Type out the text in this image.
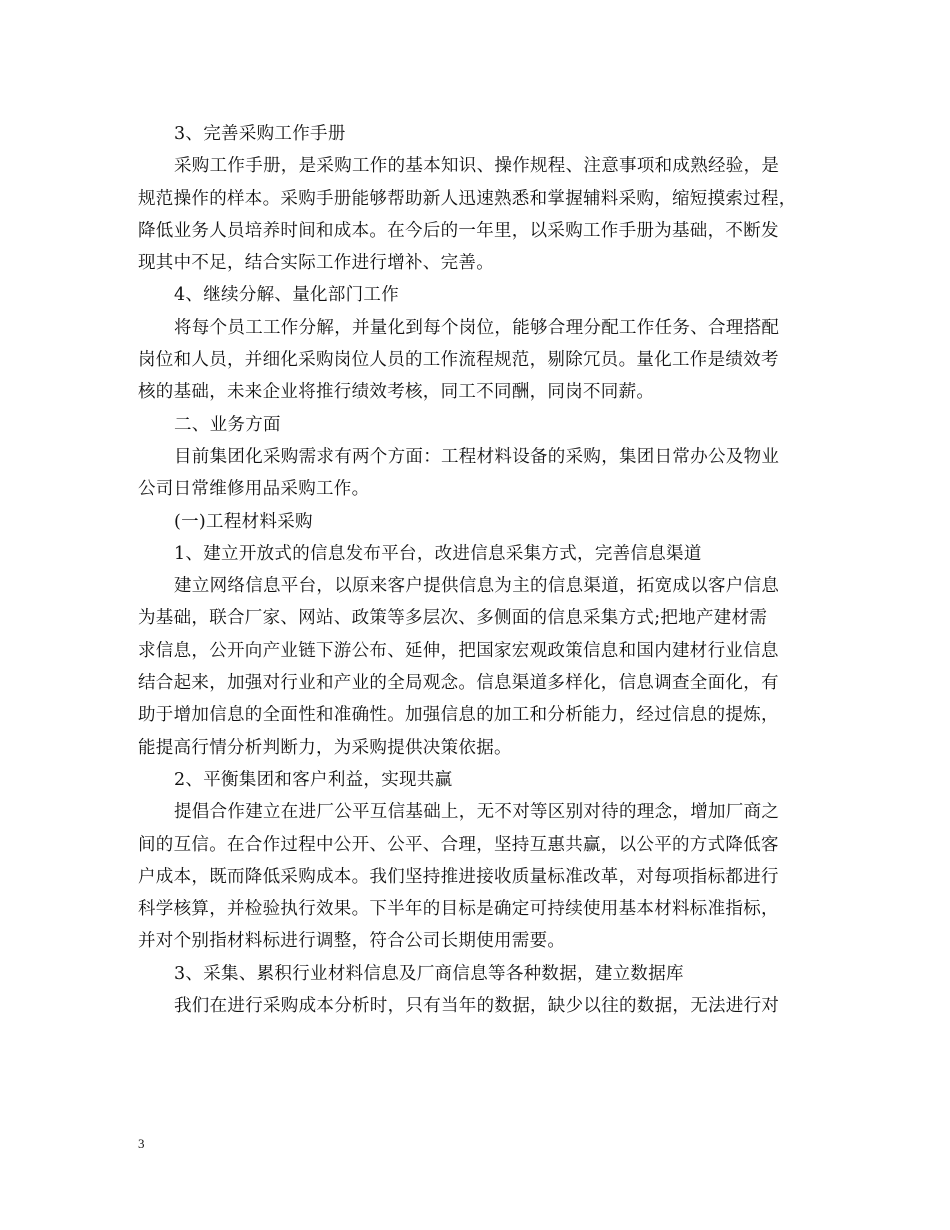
3、完善采购工作手册
采购工作手册，是采购工作的基本知识、操作规程、注意事项和成熟经验，是
规范操作的样本。采购手册能够帮助新人迅速熟悉和掌握辅料采购，缩短摸索过程，
降低业务人员培养时间和成本。在今后的一年里，以采购工作手册为基础，不断发
现其中不足，结合实际工作进行增补、完善。
4、继续分解、量化部门工作
将每个员工工作分解，并量化到每个岗位，能够合理分配工作任务、合理搭配
岗位和人员，并细化采购岗位人员的工作流程规范，剔除冗员。量化工作是绩效考
核的基础，未来企业将推行绩效考核，同工不同酬，同岗不同薪。
二、业务方面
目前集团化采购需求有两个方面：工程材料设备的采购，集团日常办公及物业
公司日常维修用品采购工作。
(一)工程材料采购
1、建立开放式的信息发布平台，改进信息采集方式，完善信息渠道
建立网络信息平台，以原来客户提供信息为主的信息渠道，拓宽成以客户信息
为基础，联合厂家、网站、政策等多层次、多侧面的信息采集方式;把地产建材需
求信息，公开向产业链下游公布、延伸，把国家宏观政策信息和国内建材行业信息
结合起来，加强对行业和产业的全局观念。信息渠道多样化，信息调查全面化，有
助于增加信息的全面性和准确性。加强信息的加工和分析能力，经过信息的提炼，
能提高行情分析判断力，为采购提供决策依据。
2、平衡集团和客户利益，实现共赢
提倡合作建立在进厂公平互信基础上，无不对等区别对待的理念，增加厂商之
间的互信。在合作过程中公开、公平、合理，坚持互惠共赢，以公平的方式降低客
户成本，既而降低采购成本。我们坚持推进接收质量标准改革，对每项指标都进行
科学核算，并检验执行效果。下半年的目标是确定可持续使用基本材料标准指标，
并对个别指材料标进行调整，符合公司长期使用需要。
3、采集、累积行业材料信息及厂商信息等各种数据，建立数据库
我们在进行采购成本分析时，只有当年的数据，缺少以往的数据，无法进行对
3
